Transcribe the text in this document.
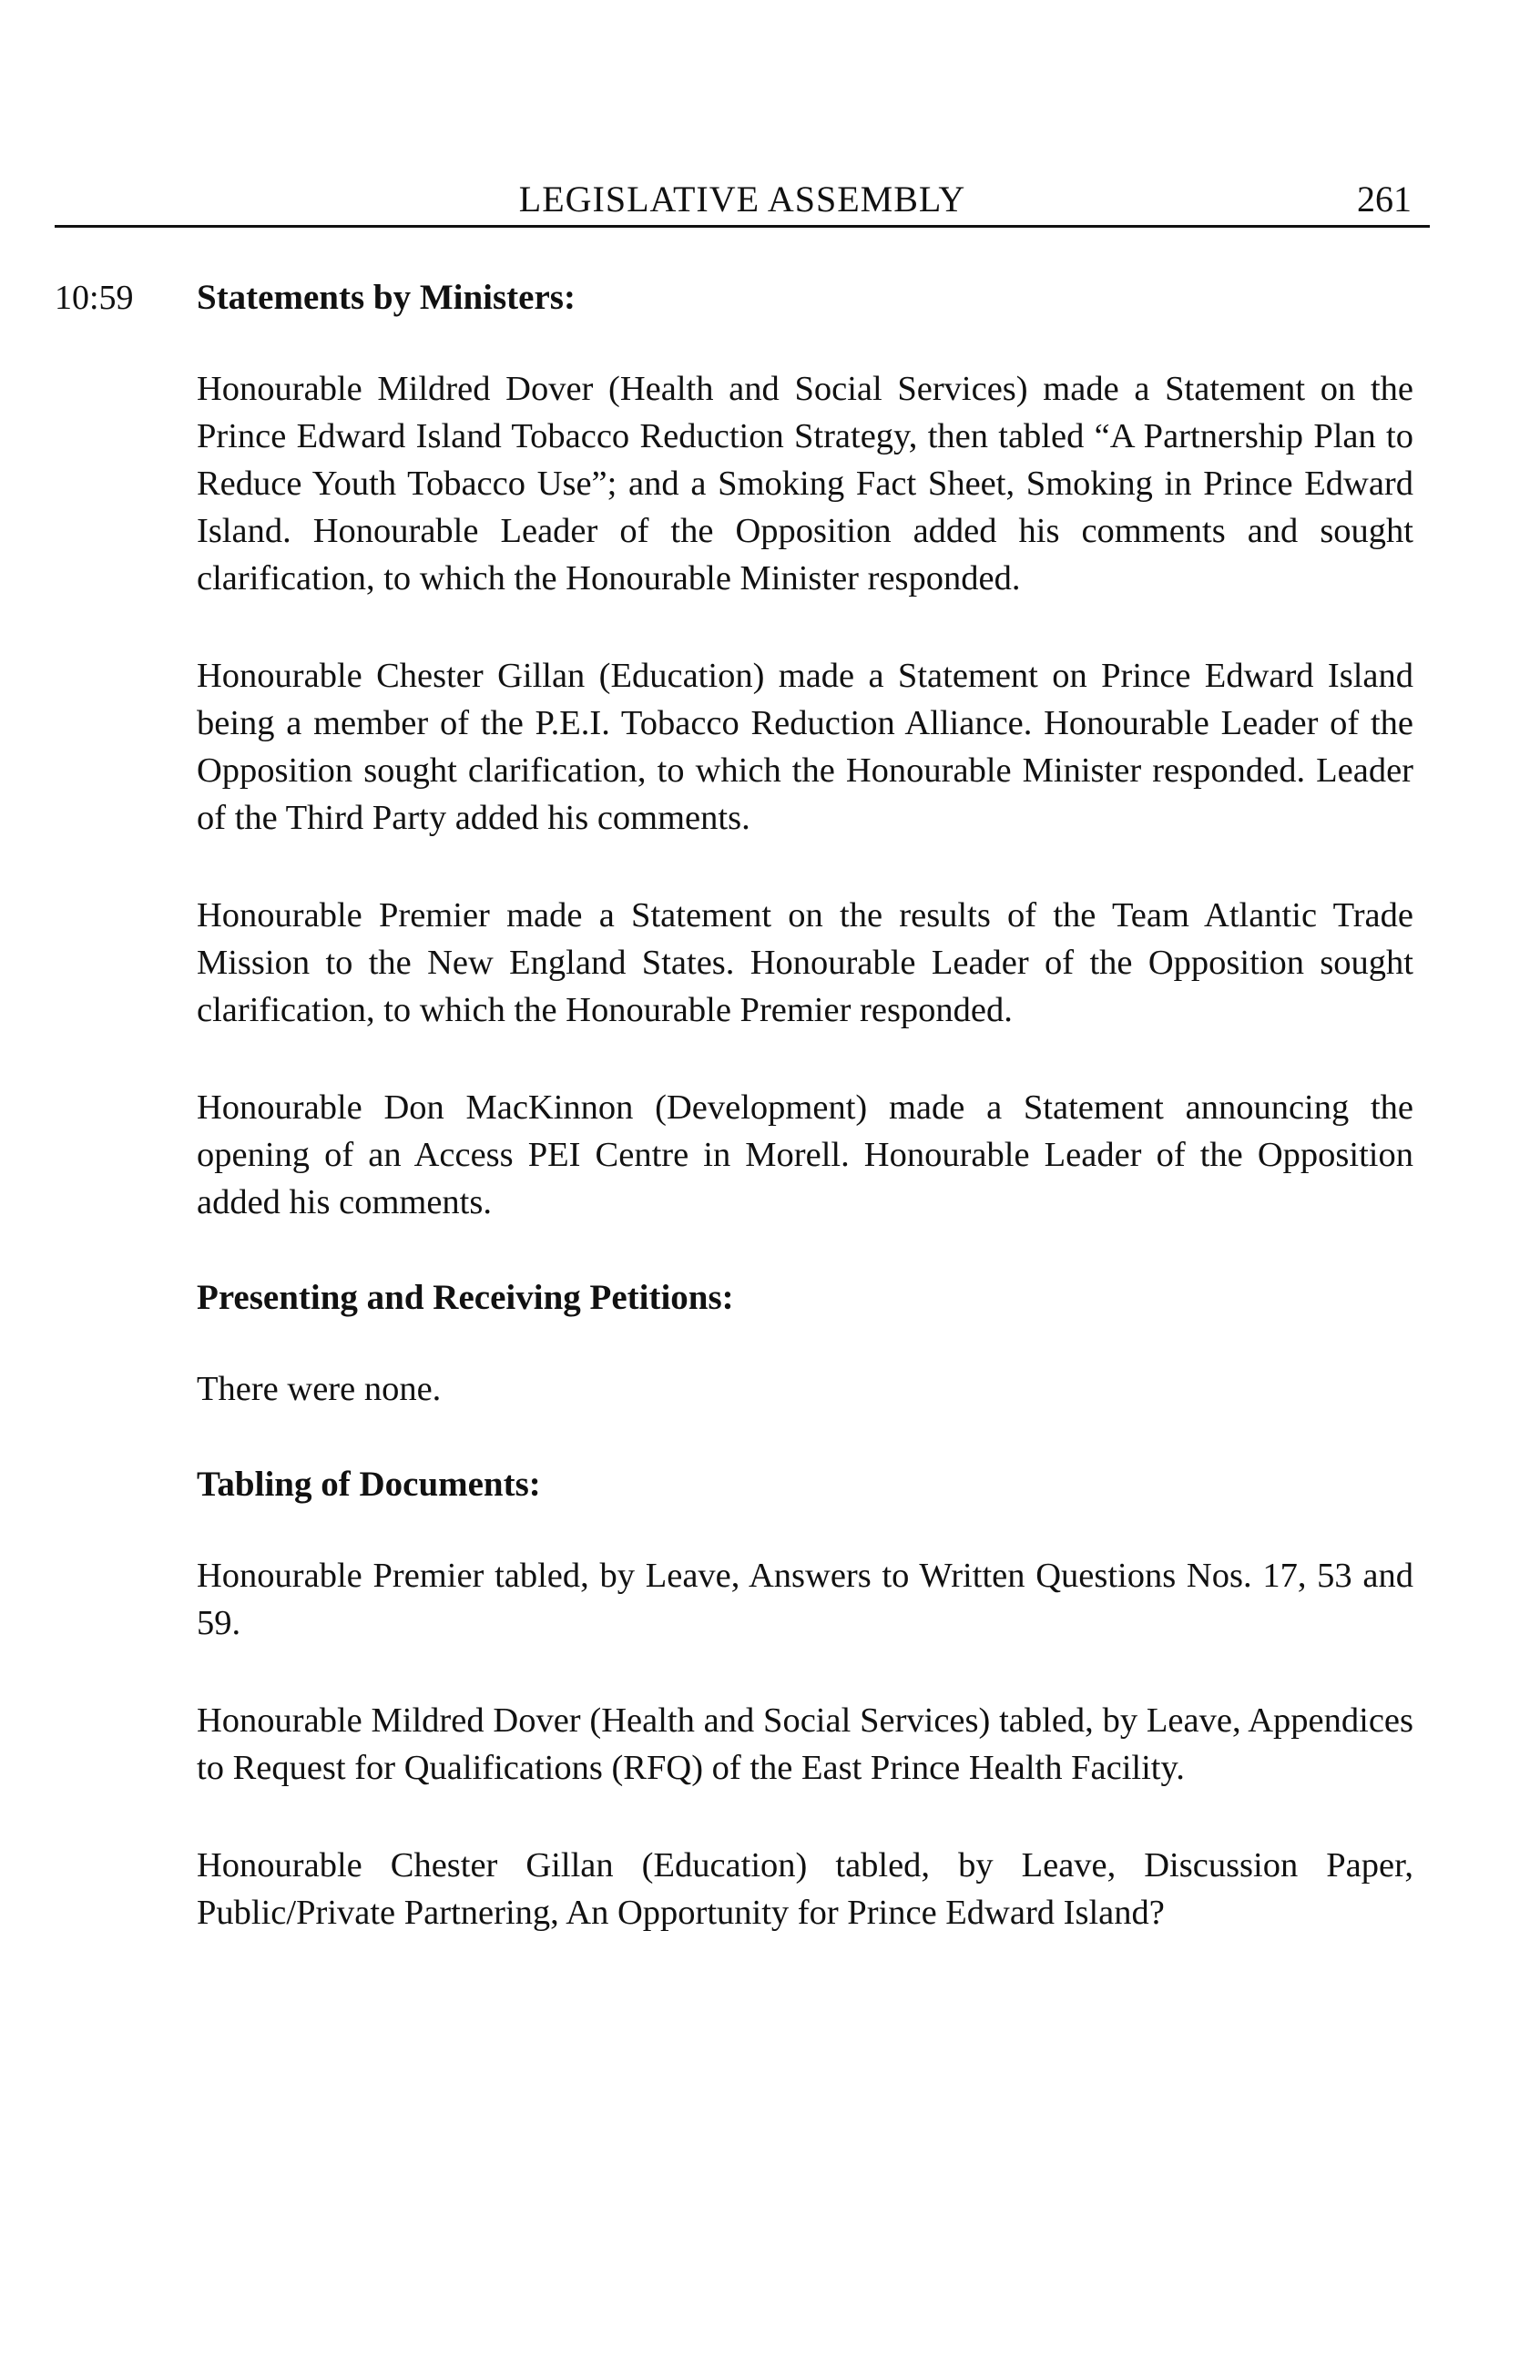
LEGISLATIVE ASSEMBLY	261
10:59 Statements by Ministers:

Honourable Mildred Dover (Health and Social Services) made a Statement on the Prince Edward Island Tobacco Reduction Strategy, then tabled “A Partnership Plan to Reduce Youth Tobacco Use”; and a Smoking Fact Sheet, Smoking in Prince Edward Island. Honourable Leader of the Opposition added his comments and sought clarification, to which the Honourable Minister responded.

Honourable Chester Gillan (Education) made a Statement on Prince Edward Island being a member of the P.E.I. Tobacco Reduction Alliance. Honourable Leader of the Opposition sought clarification, to which the Honourable Minister responded. Leader of the Third Party added his comments.

Honourable Premier made a Statement on the results of the Team Atlantic Trade Mission to the New England States. Honourable Leader of the Opposition sought clarification, to which the Honourable Premier responded.

Honourable Don MacKinnon (Development) made a Statement announcing the opening of an Access PEI Centre in Morell. Honourable Leader of the Opposition added his comments.

Presenting and Receiving Petitions:

There were none.

Tabling of Documents:

Honourable Premier tabled, by Leave, Answers to Written Questions Nos. 17, 53 and 59.

Honourable Mildred Dover (Health and Social Services) tabled, by Leave, Appendices to Request for Qualifications (RFQ) of the East Prince Health Facility.

Honourable Chester Gillan (Education) tabled, by Leave, Discussion Paper, Public/Private Partnering, An Opportunity for Prince Edward Island?
